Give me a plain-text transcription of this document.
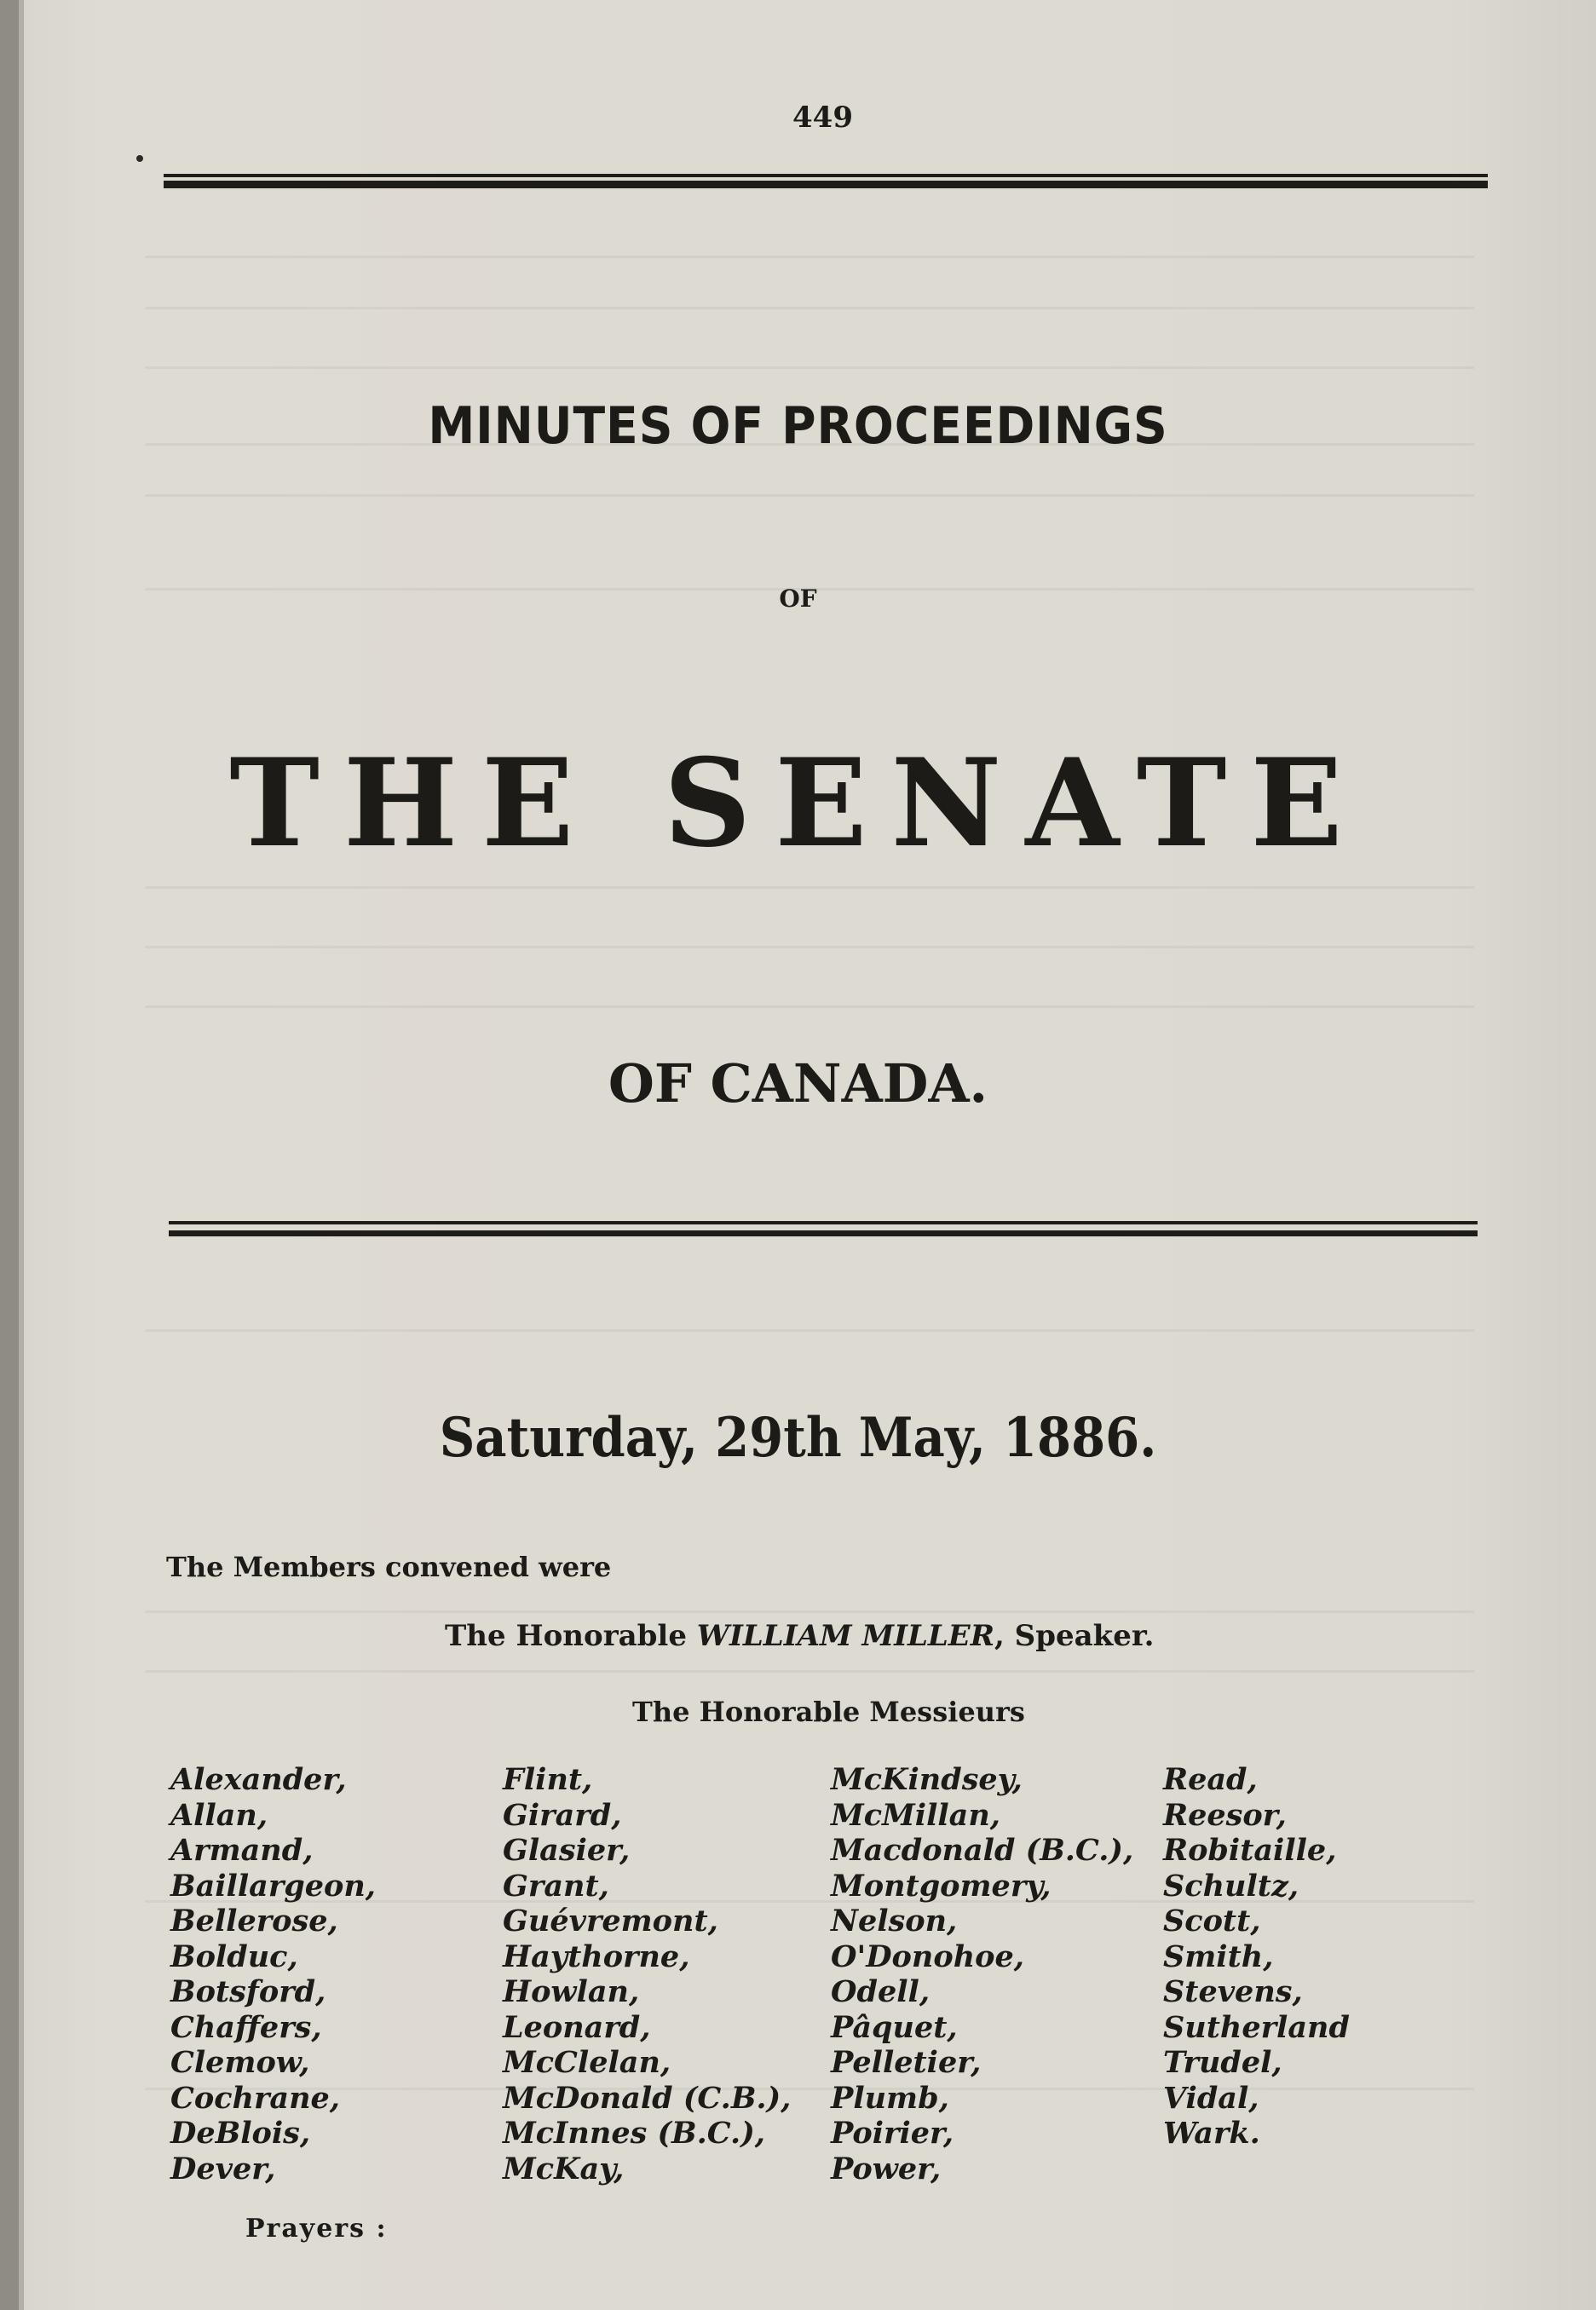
449
MINUTES OF PROCEEDINGS
OF
THE SENATE
OF CANADA.
Saturday, 29th May, 1886.
The Members convened were
The Honorable WILLIAM MILLER, Speaker.
The Honorable Messieurs
Alexander,
Allan,
Armand,
Baillargeon,
Bellerose,
Bolduc,
Botsford,
Chaffers,
Clemow,
Cochrane,
DeBlois,
Dever,
Flint,
Girard,
Glasier,
Grant,
Guévremont,
Haythorne,
Howlan,
Leonard,
McClelan,
McDonald (C.B.),
McInnes (B.C.),
McKay,
McKindsey,
McMillan,
Macdonald (B.C.),
Montgomery,
Nelson,
O'Donohoe,
Odell,
Pâquet,
Pelletier,
Plumb,
Poirier,
Power,
Read,
Reesor,
Robitaille,
Schultz,
Scott,
Smith,
Stevens,
Sutherland
Trudel,
Vidal,
Wark.
Prayers :
